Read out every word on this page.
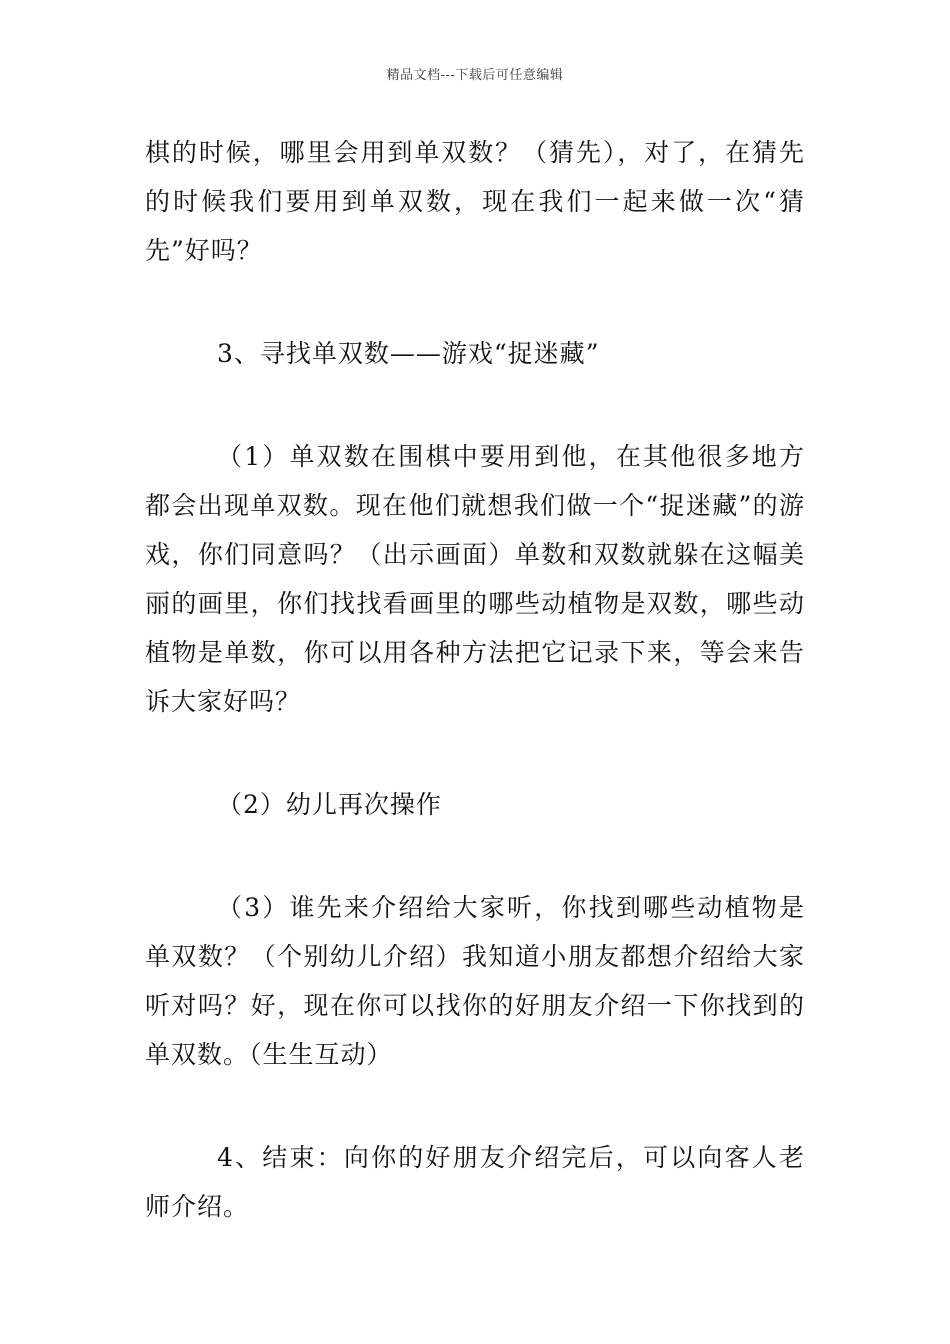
精品文档---下载后可任意编辑

棋的时候，哪里会用到单双数？（猜先），对了，在猜先的时候我们要用到单双数，现在我们一起来做一次“猜先”好吗？

3、寻找单双数——游戏“捉迷藏”

（1）单双数在围棋中要用到他，在其他很多地方都会出现单双数。现在他们就想我们做一个“捉迷藏”的游戏，你们同意吗？（出示画面）单数和双数就躲在这幅美丽的画里，你们找找看画里的哪些动植物是双数，哪些动植物是单数，你可以用各种方法把它记录下来，等会来告诉大家好吗？

（2）幼儿再次操作

（3）谁先来介绍给大家听，你找到哪些动植物是单双数？（个别幼儿介绍）我知道小朋友都想介绍给大家听对吗？好，现在你可以找你的好朋友介绍一下你找到的单双数。（生生互动）

4、结束：向你的好朋友介绍完后，可以向客人老师介绍。
